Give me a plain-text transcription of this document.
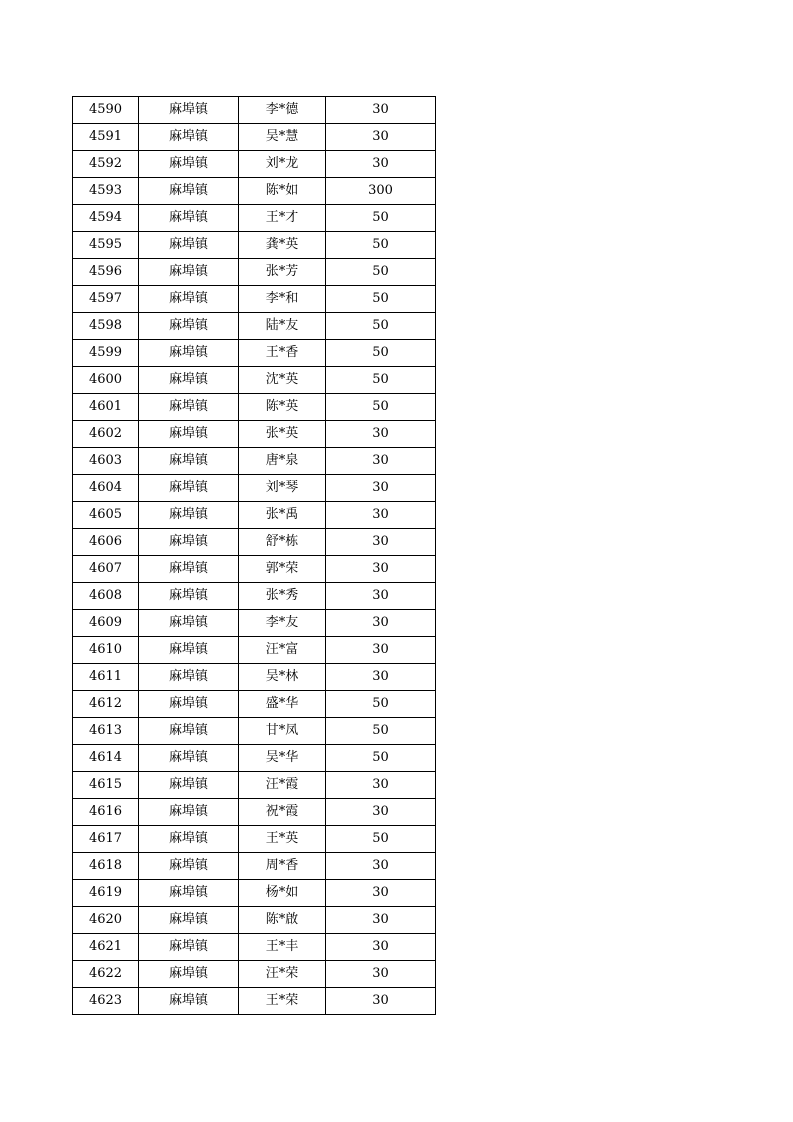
4590	麻埠镇	李*德	30
4591	麻埠镇	吴*慧	30
4592	麻埠镇	刘*龙	30
4593	麻埠镇	陈*如	300
4594	麻埠镇	王*才	50
4595	麻埠镇	龚*英	50
4596	麻埠镇	张*芳	50
4597	麻埠镇	李*和	50
4598	麻埠镇	陆*友	50
4599	麻埠镇	王*香	50
4600	麻埠镇	沈*英	50
4601	麻埠镇	陈*英	50
4602	麻埠镇	张*英	30
4603	麻埠镇	唐*泉	30
4604	麻埠镇	刘*琴	30
4605	麻埠镇	张*禹	30
4606	麻埠镇	舒*栋	30
4607	麻埠镇	郭*荣	30
4608	麻埠镇	张*秀	30
4609	麻埠镇	李*友	30
4610	麻埠镇	汪*富	30
4611	麻埠镇	吴*林	30
4612	麻埠镇	盛*华	50
4613	麻埠镇	甘*凤	50
4614	麻埠镇	吴*华	50
4615	麻埠镇	汪*霞	30
4616	麻埠镇	祝*霞	30
4617	麻埠镇	王*英	50
4618	麻埠镇	周*香	30
4619	麻埠镇	杨*如	30
4620	麻埠镇	陈*啟	30
4621	麻埠镇	王*丰	30
4622	麻埠镇	汪*荣	30
4623	麻埠镇	王*荣	30
